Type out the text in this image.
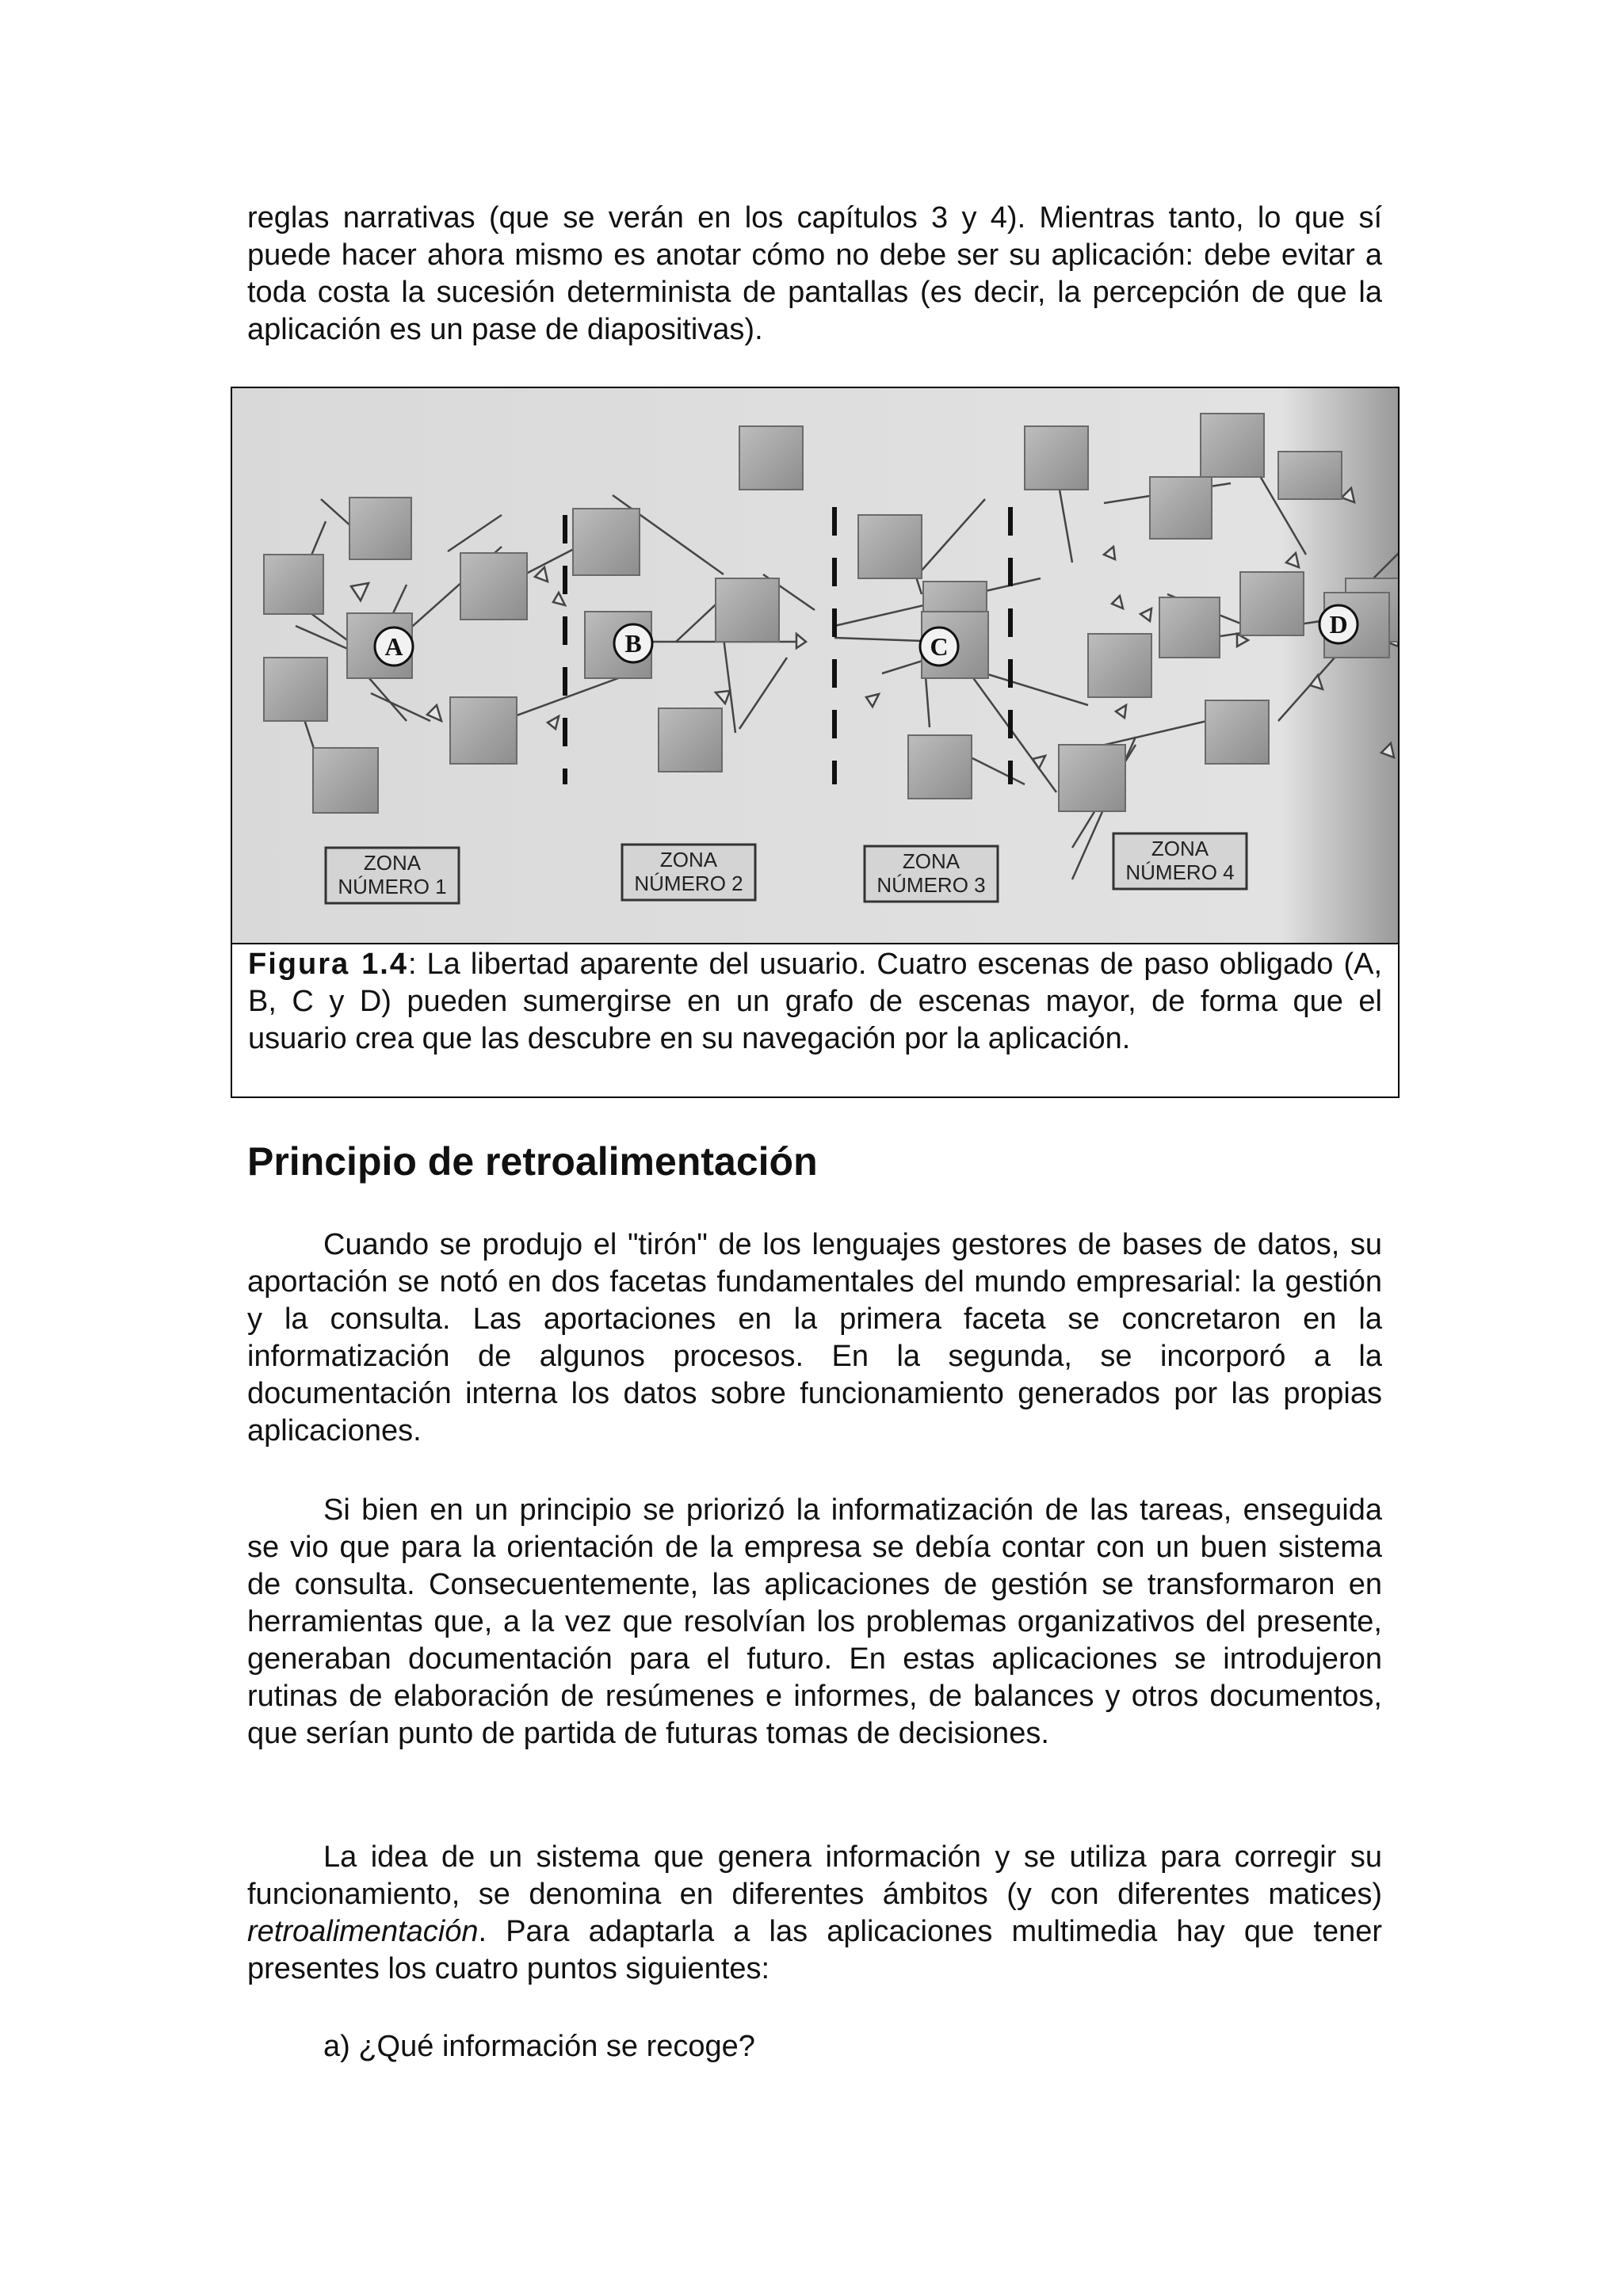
reglas narrativas (que se verán en los capítulos 3 y 4). Mientras tanto, lo que sí puede hacer ahora mismo es anotar cómo no debe ser su aplicación: debe evitar a toda costa la sucesión determinista de pantallas (es decir, la percepción de que la aplicación es un pase de diapositivas).

ZONA
NÚMERO 1
ZONA
NÚMERO 2
ZONA
NÚMERO 3
ZONA
NÚMERO 4
A	B	C
D

Figura 1.4: La libertad aparente del usuario. Cuatro escenas de paso obligado (A, B, C y D) pueden sumergirse en un grafo de escenas mayor, de forma que el usuario crea que las descubre en su navegación por la aplicación.

Principio de retroalimentación

Cuando se produjo el "tirón" de los lenguajes gestores de bases de datos, su aportación se notó en dos facetas fundamentales del mundo empresarial: la gestión y la consulta. Las aportaciones en la primera faceta se concretaron en la informatización de algunos procesos. En la segunda, se incorporó a la documentación interna los datos sobre funcionamiento generados por las propias aplicaciones.

Si bien en un principio se priorizó la informatización de las tareas, enseguida se vio que para la orientación de la empresa se debía contar con un buen sistema de consulta. Consecuentemente, las aplicaciones de gestión se transformaron en herramientas que, a la vez que resolvían los problemas organizativos del presente, generaban documentación para el futuro. En estas aplicaciones se introdujeron rutinas de elaboración de resúmenes e informes, de balances y otros documentos, que serían punto de partida de futuras tomas de decisiones.

La idea de un sistema que genera información y se utiliza para corregir su funcionamiento, se denomina en diferentes ámbitos (y con diferentes matices) retroalimentación. Para adaptarla a las aplicaciones multimedia hay que tener presentes los cuatro puntos siguientes:

a) ¿Qué información se recoge?
